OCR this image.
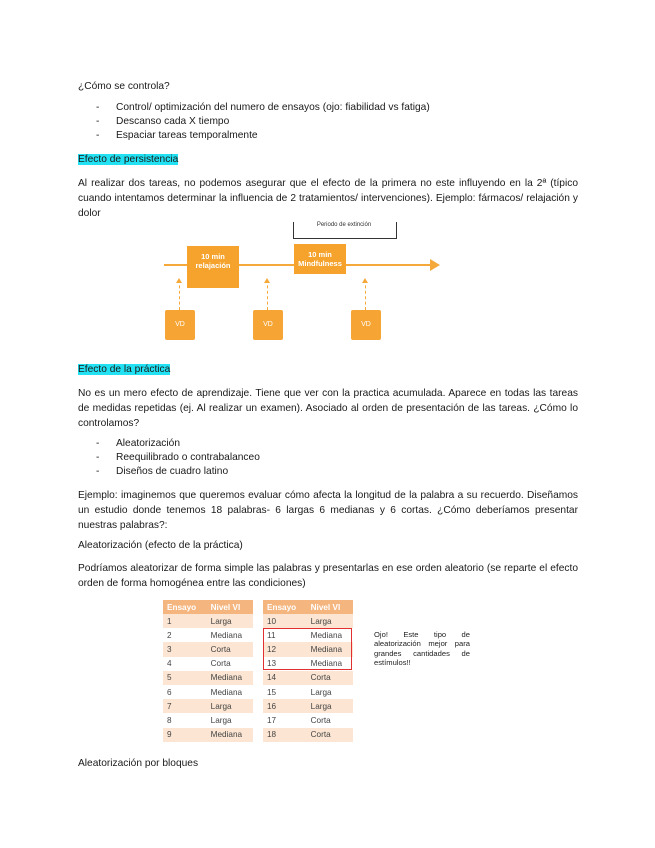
¿Cómo se controla?

- Control/ optimización del numero de ensayos (ojo: fiabilidad vs fatiga)
- Descanso cada X tiempo
- Espaciar tareas temporalmente

Efecto de persistencia

Al realizar dos tareas, no podemos asegurar que el efecto de la primera no este influyendo en la 2ª (típico cuando intentamos determinar la influencia de 2 tratamientos/ intervenciones). Ejemplo: fármacos/ relajación y dolor

Periodo de extinción
10 min relajación
10 min Mindfulness
VD	VD	VD

Efecto de la práctica

No es un mero efecto de aprendizaje. Tiene que ver con la practica acumulada. Aparece en todas las tareas de medidas repetidas (ej. Al realizar un examen). Asociado al orden de presentación de las tareas. ¿Cómo lo controlamos?

- Aleatorización
- Reequilibrado o contrabalanceo
- Diseños de cuadro latino

Ejemplo: imaginemos que queremos evaluar cómo afecta la longitud de la palabra a su recuerdo. Diseñamos un estudio donde tenemos 18 palabras- 6 largas 6 medianas y 6 cortas. ¿Cómo deberíamos presentar nuestras palabras?:

Aleatorización (efecto de la práctica)

Podríamos aleatorizar de forma simple las palabras y presentarlas en ese orden aleatorio (se reparte el efecto orden de forma homogénea entre las condiciones)

Ensayo	Nivel VI
1	Larga
2	Mediana
3	Corta
4	Corta
5	Mediana
6	Mediana
7	Larga
8	Larga
9	Mediana
Ensayo	Nivel VI
10	Larga
11	Mediana
12	Mediana
13	Mediana
14	Corta
15	Larga
16	Larga
17	Corta
18	Corta
Ojo! Este tipo de aleatorización mejor para grandes cantidades de estímulos!!

Aleatorización por bloques
